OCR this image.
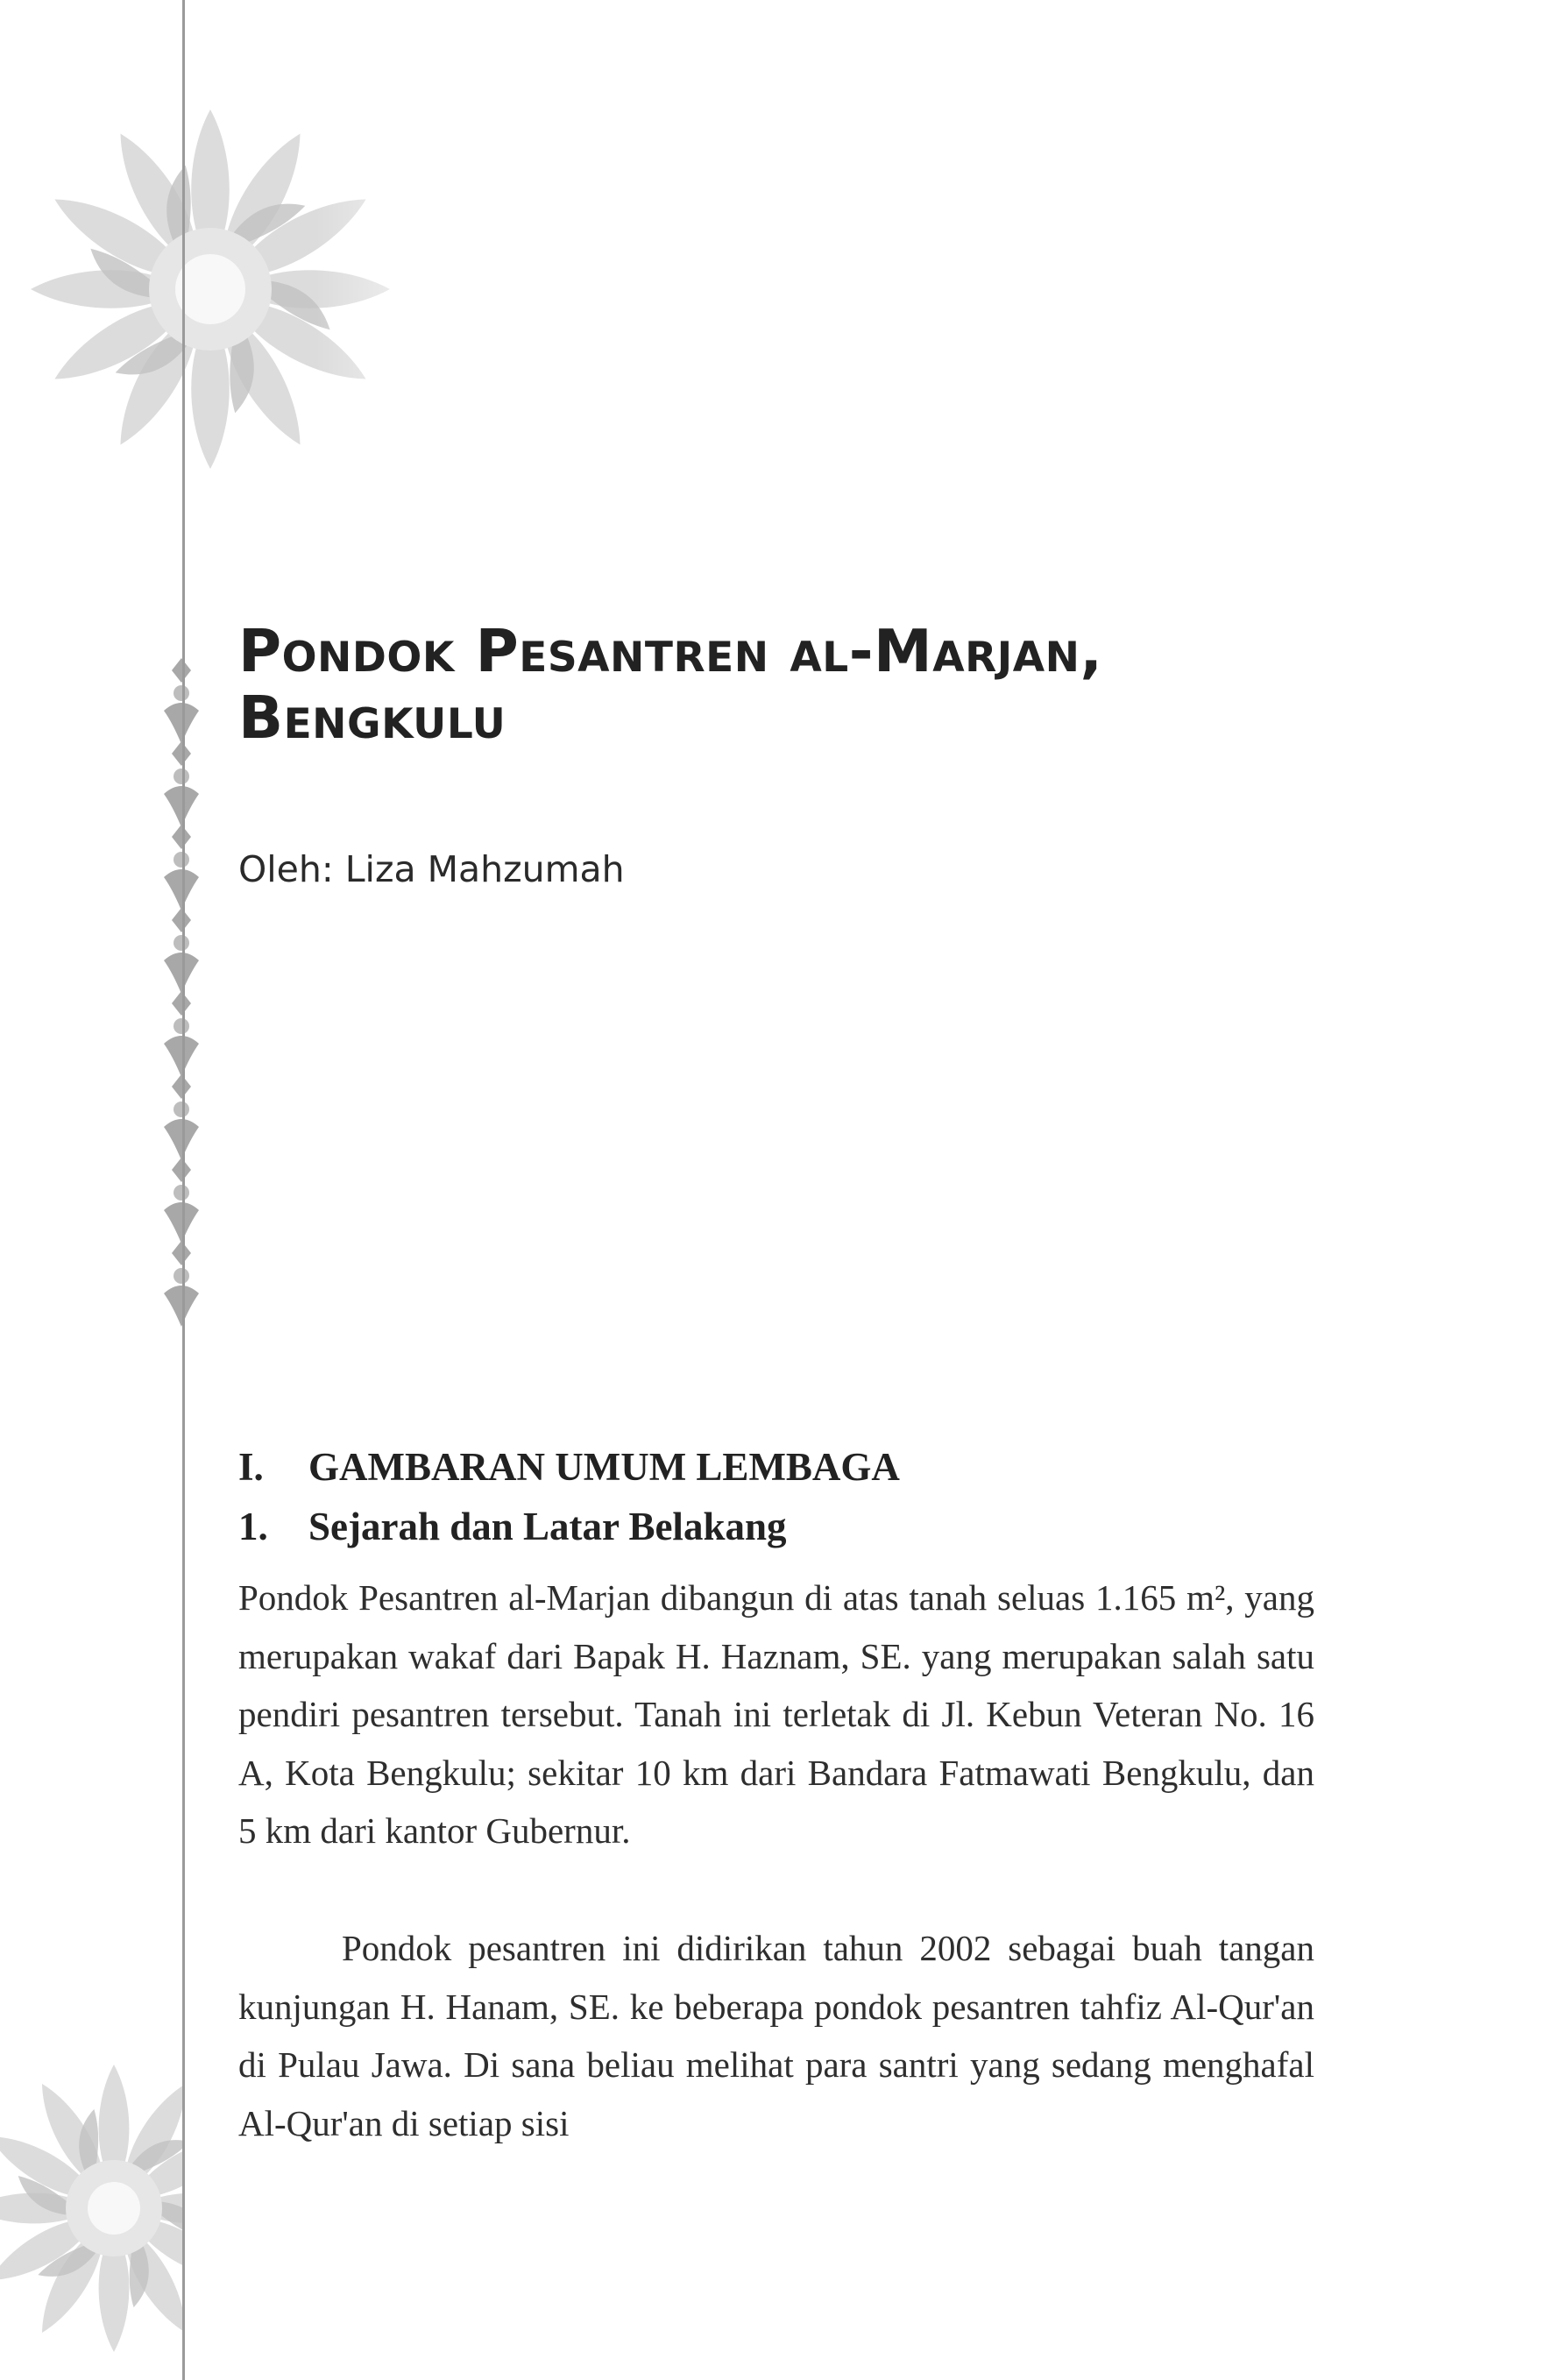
Pondok Pesantren al-Marjan,
Bengkulu

Oleh: Liza Mahzumah

I. GAMBARAN UMUM LEMBAGA
1. Sejarah dan Latar Belakang

Pondok Pesantren al-Marjan dibangun di atas tanah seluas 1.165 m², yang merupakan wakaf dari Bapak H. Haznam, SE. yang merupakan salah satu pendiri pesantren tersebut. Tanah ini terletak di Jl. Kebun Veteran No. 16 A, Kota Bengkulu; sekitar 10 km dari Bandara Fatmawati Bengkulu, dan 5 km dari kantor Gubernur.

Pondok pesantren ini didirikan tahun 2002 sebagai buah tangan kunjungan H. Hanam, SE. ke beberapa pondok pesantren tahfiz Al-Qur'an di Pulau Jawa. Di sana beliau melihat para santri yang sedang menghafal Al-Qur'an di setiap sisi
